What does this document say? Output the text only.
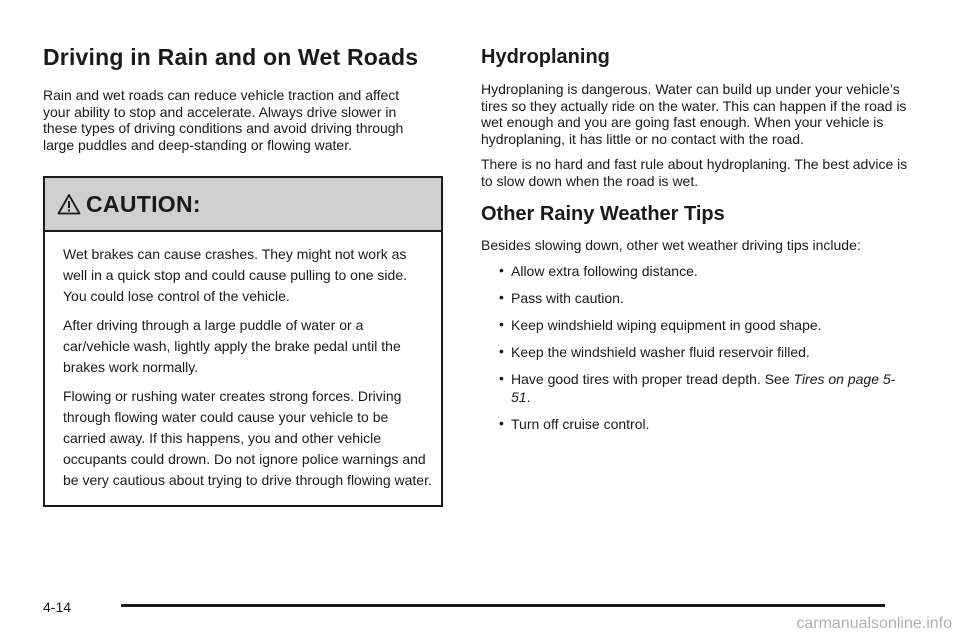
Driving in Rain and on Wet Roads

Rain and wet roads can reduce vehicle traction and affect your ability to stop and accelerate. Always drive slower in these types of driving conditions and avoid driving through large puddles and deep-standing or flowing water.

CAUTION:

Wet brakes can cause crashes. They might not work as well in a quick stop and could cause pulling to one side. You could lose control of the vehicle.

After driving through a large puddle of water or a car/vehicle wash, lightly apply the brake pedal until the brakes work normally.

Flowing or rushing water creates strong forces. Driving through flowing water could cause your vehicle to be carried away. If this happens, you and other vehicle occupants could drown. Do not ignore police warnings and be very cautious about trying to drive through flowing water.

Hydroplaning

Hydroplaning is dangerous. Water can build up under your vehicle’s tires so they actually ride on the water. This can happen if the road is wet enough and you are going fast enough. When your vehicle is hydroplaning, it has little or no contact with the road.

There is no hard and fast rule about hydroplaning. The best advice is to slow down when the road is wet.

Other Rainy Weather Tips

Besides slowing down, other wet weather driving tips include:

• Allow extra following distance.
• Pass with caution.
• Keep windshield wiping equipment in good shape.
• Keep the windshield washer fluid reservoir filled.
• Have good tires with proper tread depth. See Tires on page 5-51.
• Turn off cruise control.
4-14
carmanualsonline.info
